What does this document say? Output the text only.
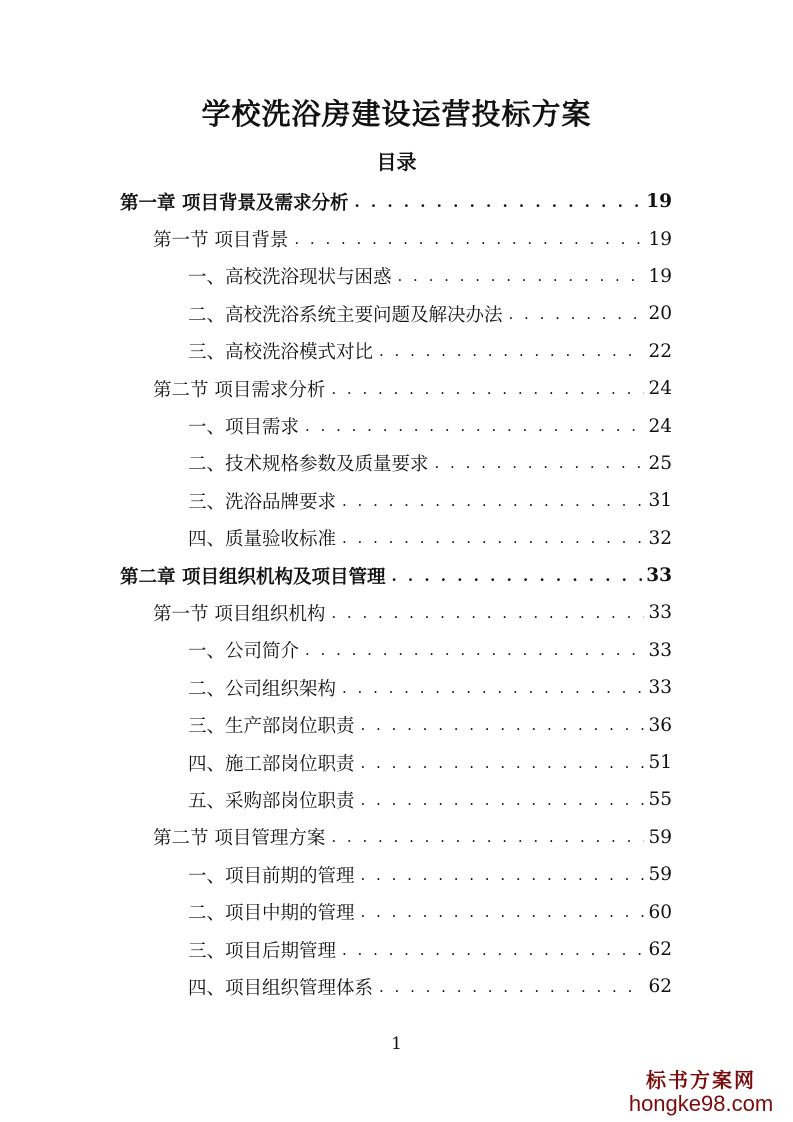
学校洗浴房建设运营投标方案
目录
第一章 项目背景及需求分析 . . .	19
第一节 项目背景 . . .	19
一、高校洗浴现状与困惑 . . .	19
二、高校洗浴系统主要问题及解决办法 . . .	20
三、高校洗浴模式对比 . . .	22
第二节 项目需求分析 . . .	24
一、项目需求 . . .	24
二、技术规格参数及质量要求 . . .	25
三、洗浴品牌要求 . . .	31
四、质量验收标准 . . .	32
第二章 项目组织机构及项目管理 . . .	33
第一节 项目组织机构 . . .	33
一、公司简介 . . .	33
二、公司组织架构 . . .	33
三、生产部岗位职责 . . .	36
四、施工部岗位职责 . . .	51
五、采购部岗位职责 . . .	55
第二节 项目管理方案 . . .	59
一、项目前期的管理 . . .	59
二、项目中期的管理 . . .	60
三、项目后期管理 . . .	62
四、项目组织管理体系 . . .	62
1
标书方案网
hongke98.com
